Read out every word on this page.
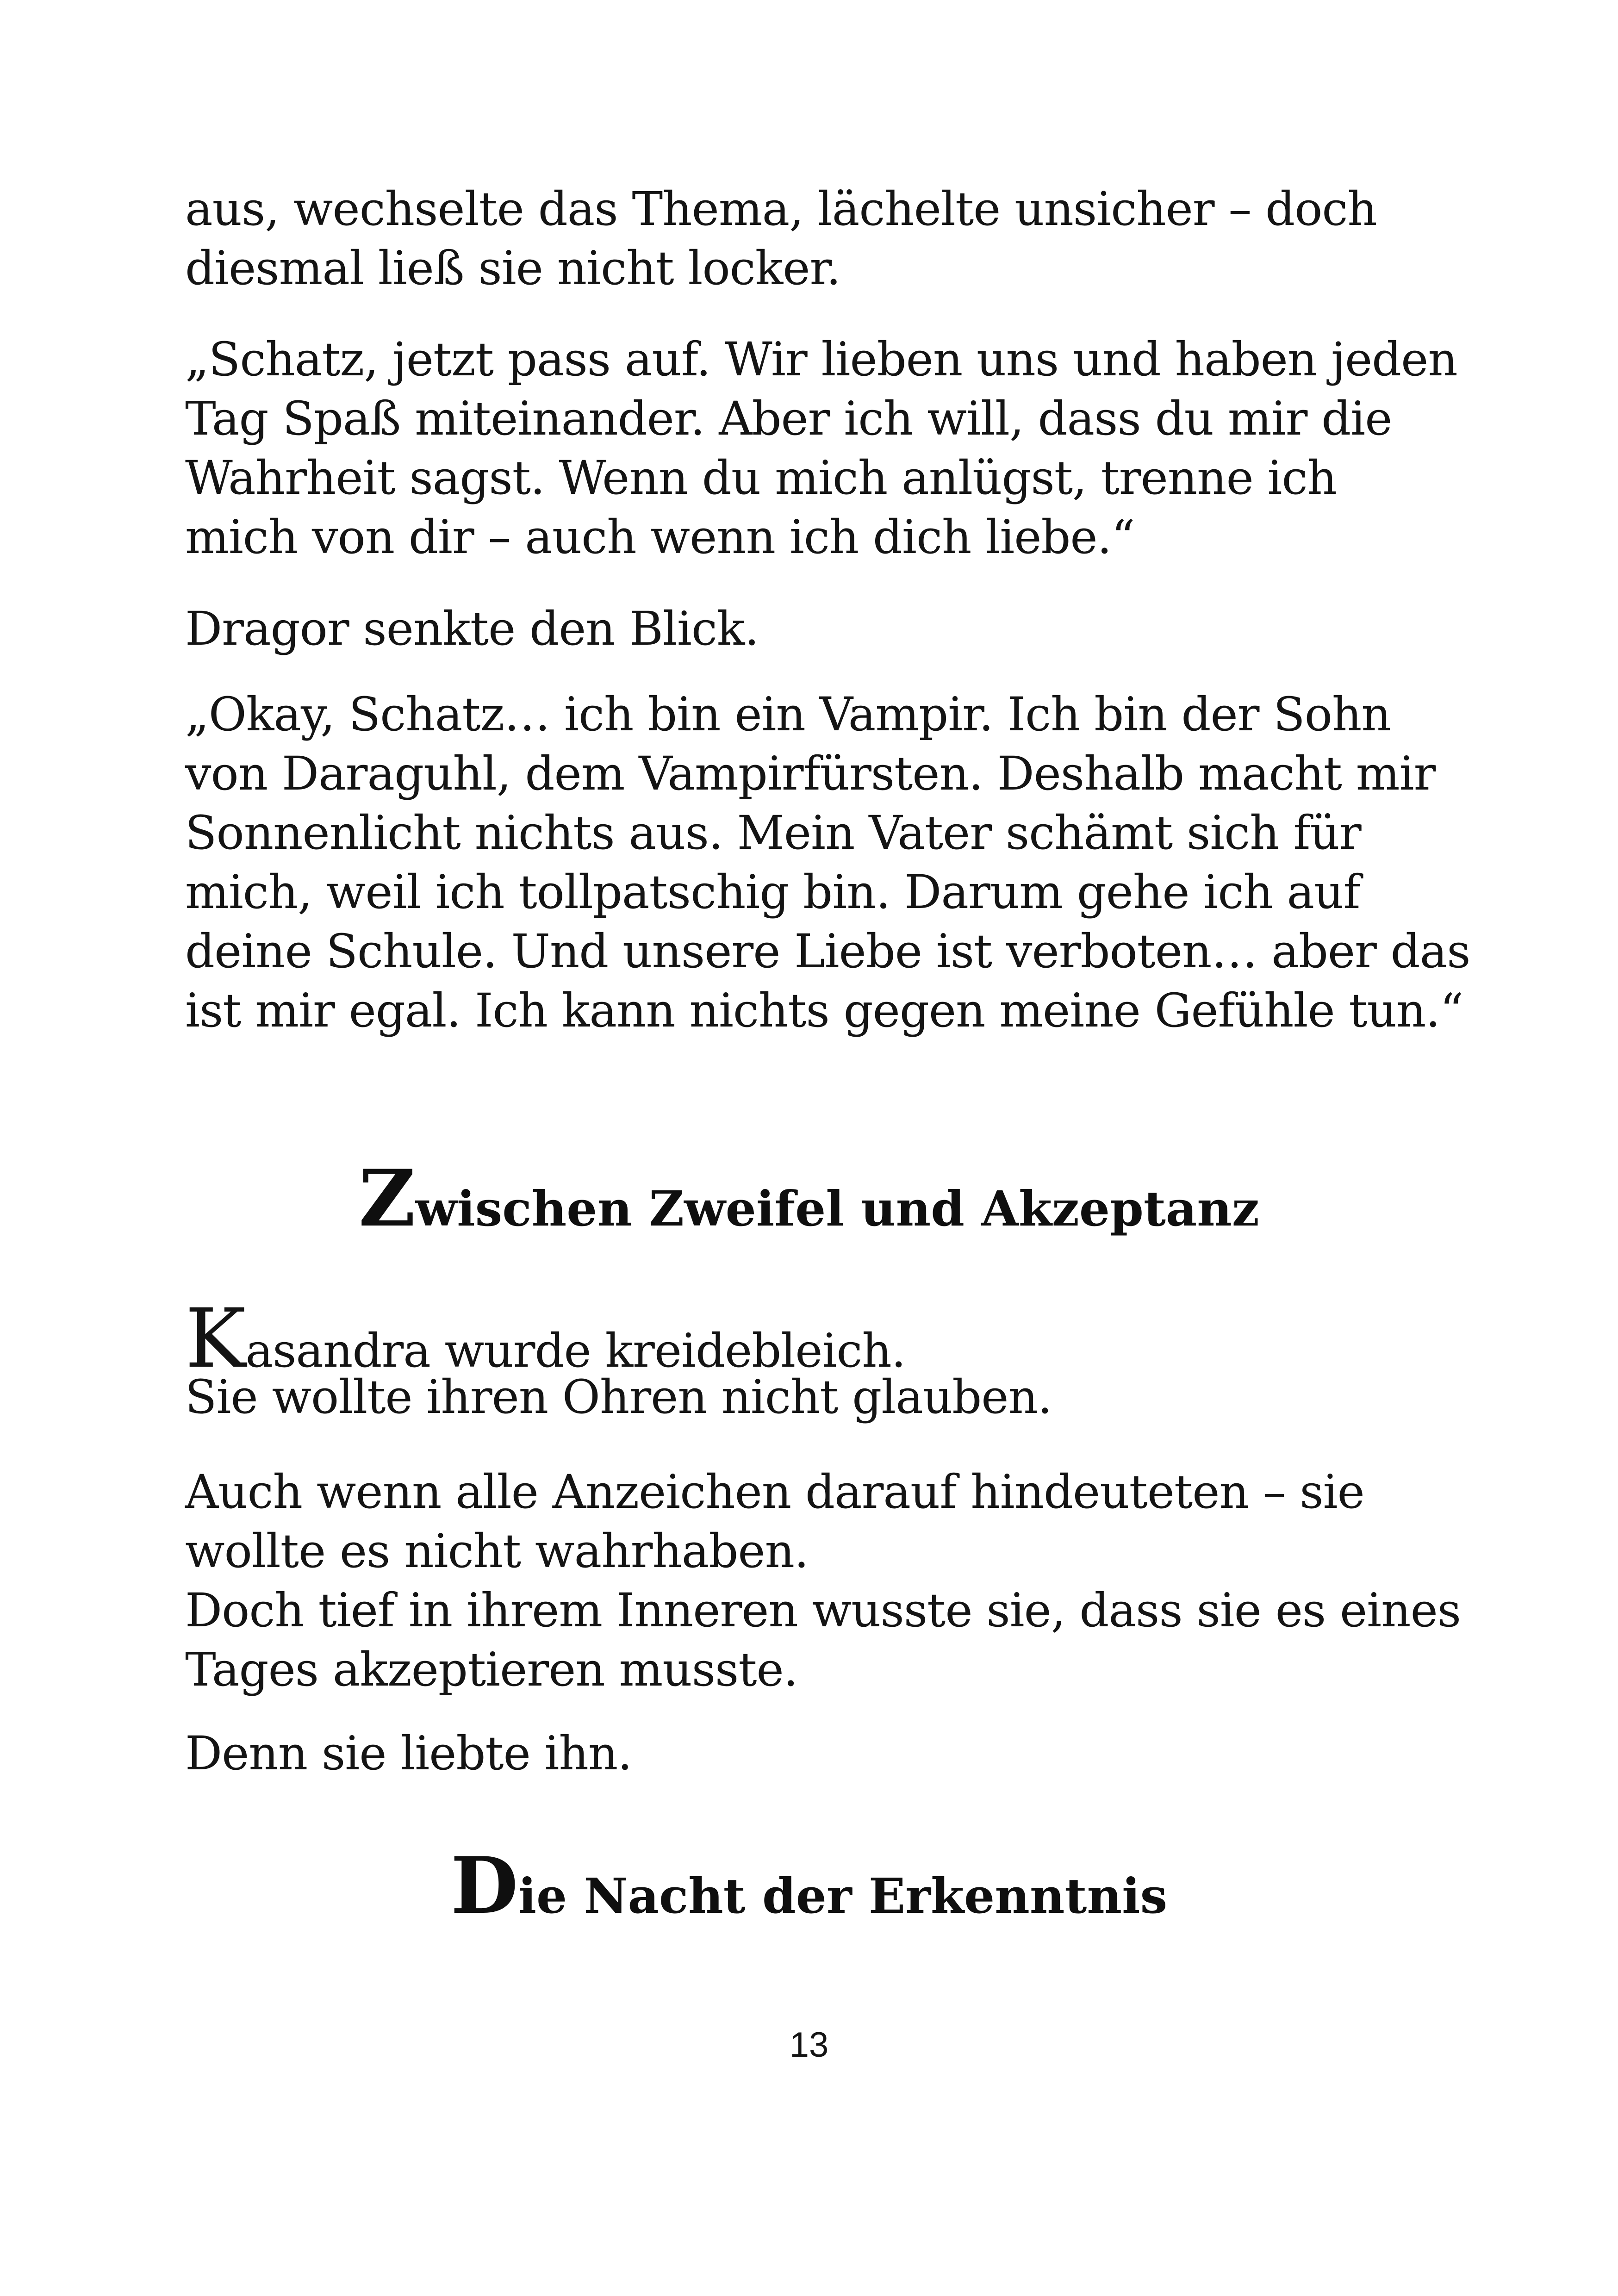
aus, wechselte das Thema, lächelte unsicher – doch
diesmal ließ sie nicht locker.

„Schatz, jetzt pass auf. Wir lieben uns und haben jeden
Tag Spaß miteinander. Aber ich will, dass du mir die
Wahrheit sagst. Wenn du mich anlügst, trenne ich
mich von dir – auch wenn ich dich liebe.“

Dragor senkte den Blick.

„Okay, Schatz… ich bin ein Vampir. Ich bin der Sohn
von Daraguhl, dem Vampirfürsten. Deshalb macht mir
Sonnenlicht nichts aus. Mein Vater schämt sich für
mich, weil ich tollpatschig bin. Darum gehe ich auf
deine Schule. Und unsere Liebe ist verboten… aber das
ist mir egal. Ich kann nichts gegen meine Gefühle tun.“

Zwischen Zweifel und Akzeptanz

Kasandra wurde kreidebleich.
Sie wollte ihren Ohren nicht glauben.

Auch wenn alle Anzeichen darauf hindeuteten – sie
wollte es nicht wahrhaben.
Doch tief in ihrem Inneren wusste sie, dass sie es eines
Tages akzeptieren musste.

Denn sie liebte ihn.

Die Nacht der Erkenntnis
13
